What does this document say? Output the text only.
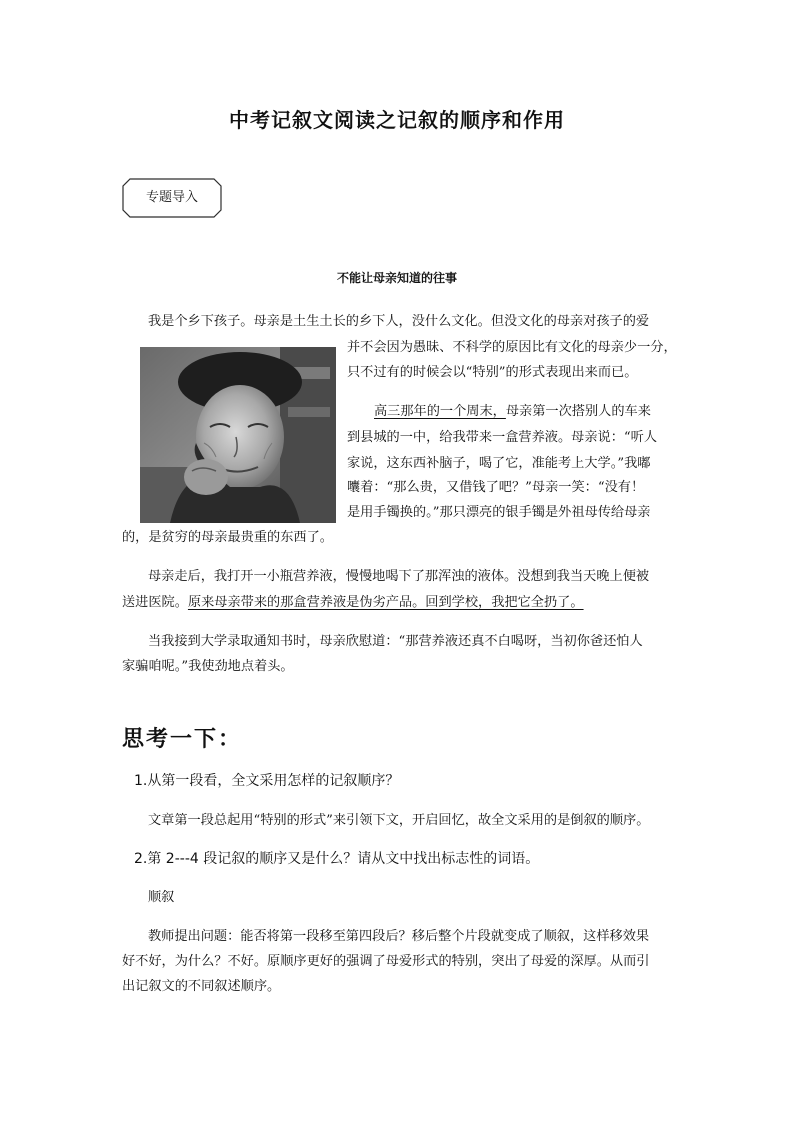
中考记叙文阅读之记叙的顺序和作用
专题导入
不能让母亲知道的往事
我是个乡下孩子。母亲是土生土长的乡下人，没什么文化。但没文化的母亲对孩子的爱
并不会因为愚昧、不科学的原因比有文化的母亲少一分，
只不过有的时候会以“特别”的形式表现出来而已。
高三那年的一个周末，母亲第一次搭别人的车来
到县城的一中，给我带来一盒营养液。母亲说：“听人
家说，这东西补脑子，喝了它，准能考上大学。”我嘟
囔着：“那么贵，又借钱了吧？”母亲一笑：“没有！
是用手镯换的。”那只漂亮的银手镯是外祖母传给母亲
的，是贫穷的母亲最贵重的东西了。
母亲走后，我打开一小瓶营养液，慢慢地喝下了那浑浊的液体。没想到我当天晚上便被
送进医院。原来母亲带来的那盒营养液是伪劣产品。回到学校，我把它全扔了。
当我接到大学录取通知书时，母亲欣慰道：“那营养液还真不白喝呀，当初你爸还怕人
家骗咱呢。”我使劲地点着头。
思考一下：
1.从第一段看，全文采用怎样的记叙顺序？
文章第一段总起用“特别的形式”来引领下文，开启回忆，故全文采用的是倒叙的顺序。
2.第 2---4 段记叙的顺序又是什么？请从文中找出标志性的词语。
顺叙
教师提出问题：能否将第一段移至第四段后？移后整个片段就变成了顺叙，这样移效果
好不好，为什么？不好。原顺序更好的强调了母爱形式的特别，突出了母爱的深厚。从而引
出记叙文的不同叙述顺序。
